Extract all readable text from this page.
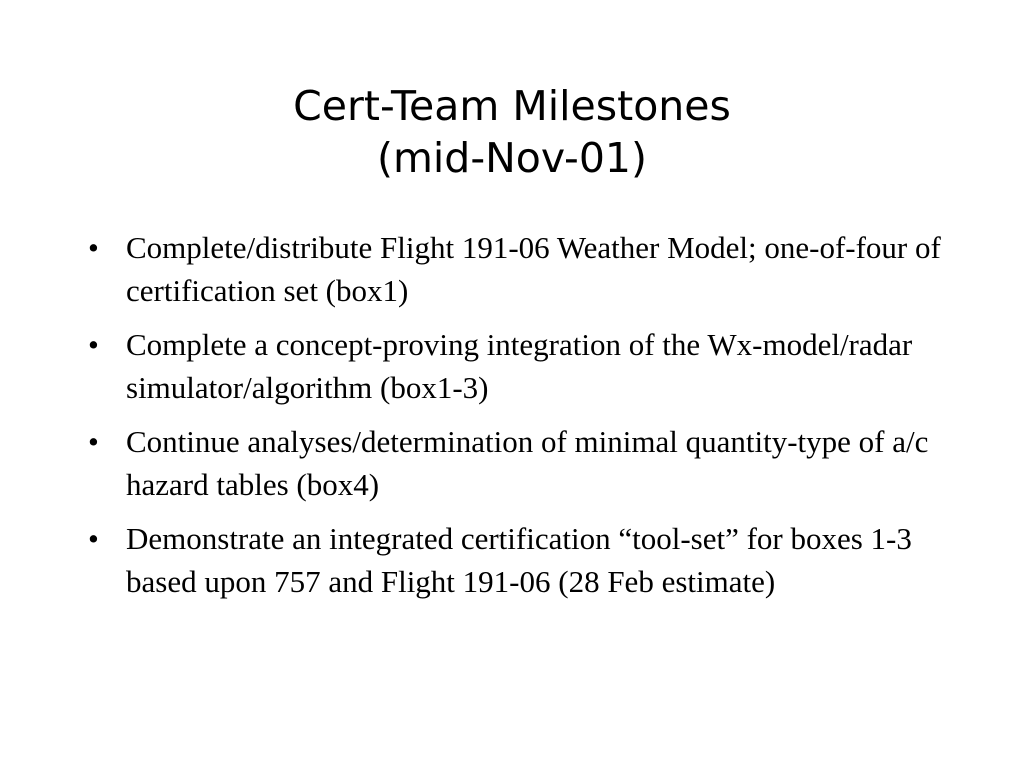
Cert-Team Milestones
(mid-Nov-01)
• Complete/distribute Flight 191-06 Weather Model; one-of-four of certification set (box1)
• Complete a concept-proving integration of the Wx-model/radar simulator/algorithm (box1-3)
• Continue analyses/determination of minimal quantity-type of a/c hazard tables (box4)
• Demonstrate an integrated certification “tool-set” for boxes 1-3 based upon 757 and Flight 191-06 (28 Feb estimate)
